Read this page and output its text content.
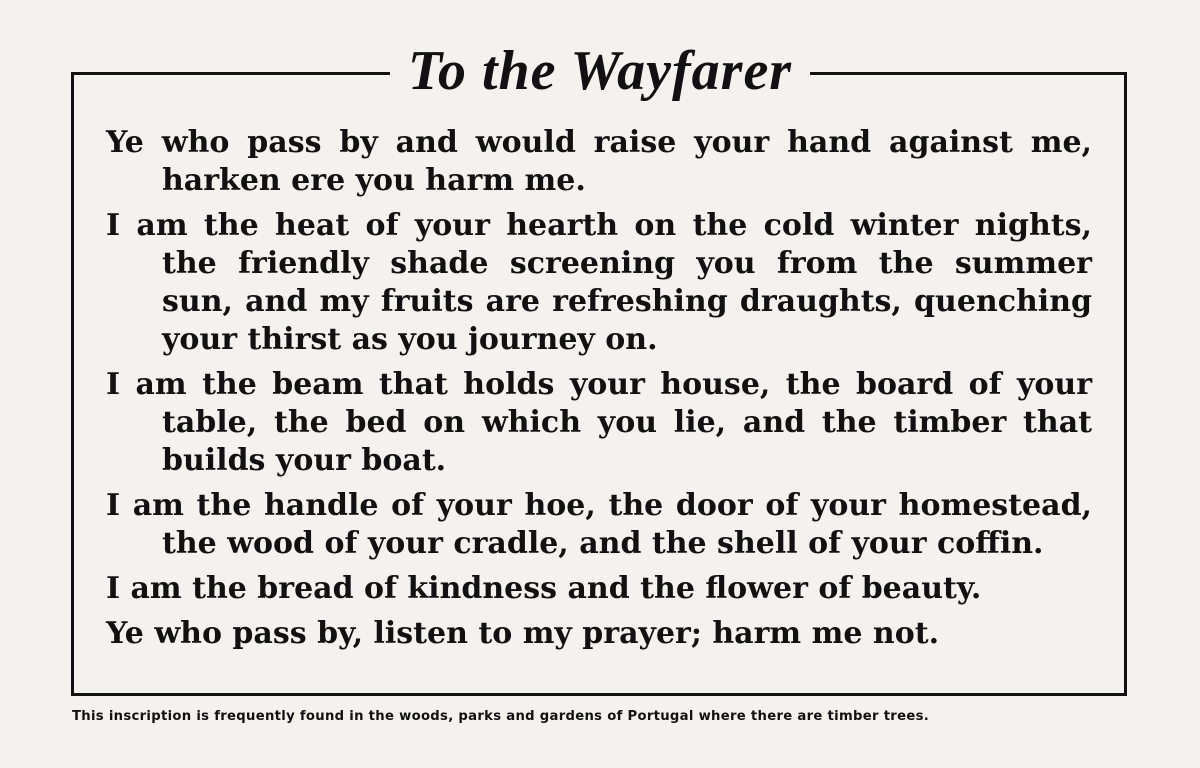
To the Wayfarer

Ye who pass by and would raise your hand against me, harken ere you harm me.

I am the heat of your hearth on the cold winter nights, the friendly shade screening you from the summer sun, and my fruits are refreshing draughts, quenching your thirst as you journey on.

I am the beam that holds your house, the board of your table, the bed on which you lie, and the timber that builds your boat.

I am the handle of your hoe, the door of your homestead, the wood of your cradle, and the shell of your coffin.

I am the bread of kindness and the flower of beauty.

Ye who pass by, listen to my prayer; harm me not.

This inscription is frequently found in the woods, parks and gardens of Portugal where there are timber trees.
